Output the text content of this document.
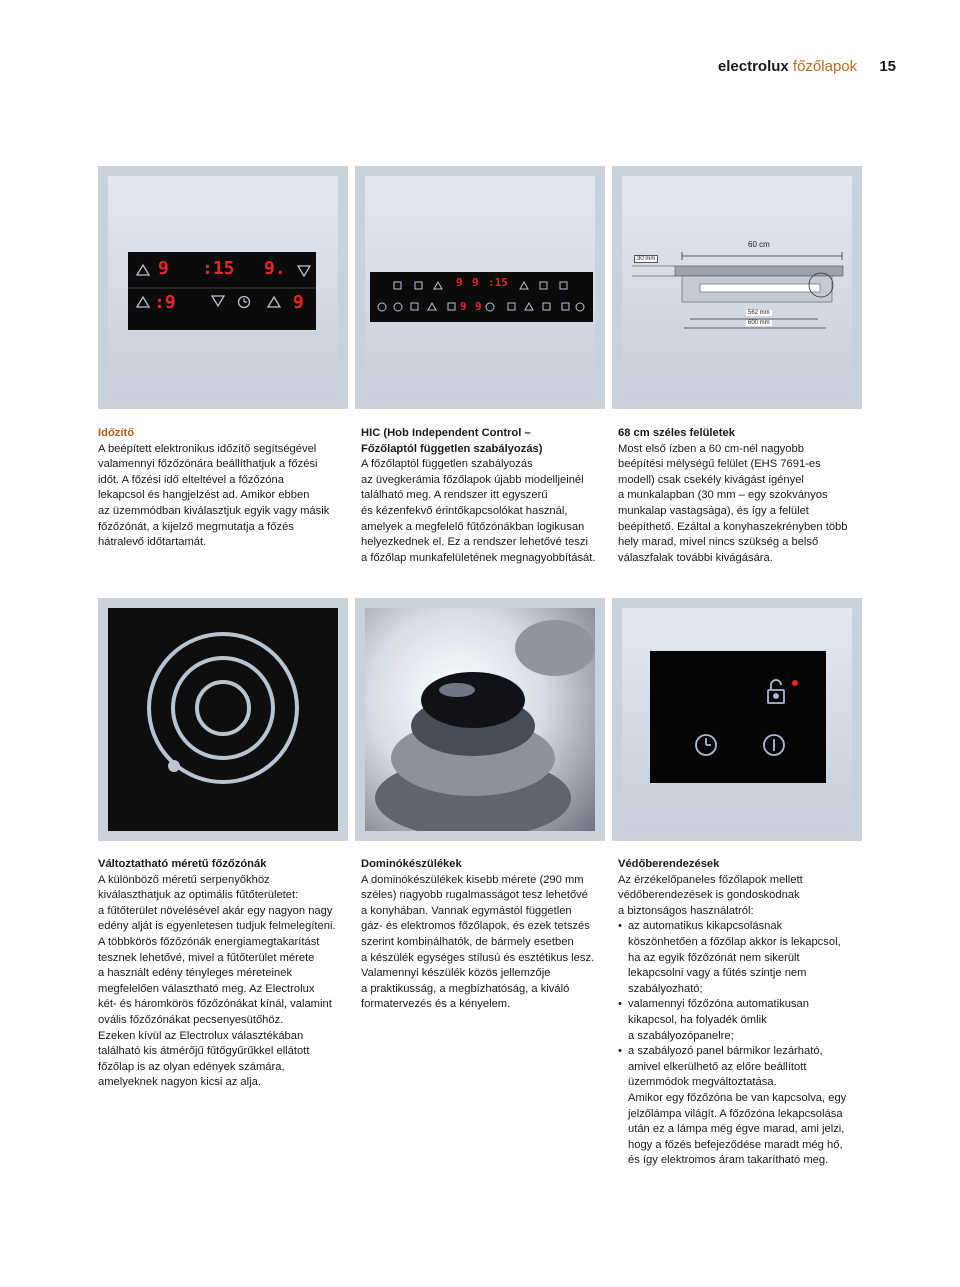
electrolux főzőlapok 15
9 :15 9.
:9	9
9 9 :15
9 9
60 cm
30 mm
562 mm
600 mm

Időzítő

A beépített elektronikus időzítő segítségével

valamennyi főzőzónára beállíthatjuk a főzési

időt. A főzési idő elteltével a főzőzóna

lekapcsol és hangjelzést ad. Amikor ebben

az üzemmódban kiválasztjuk egyik vagy másik

főzőzónát, a kijelző megmutatja a főzés

hátralevő időtartamát.

HIC (Hob Independent Control –

Főzőlaptól független szabályozás)

A főzőlaptól független szabályozás

az üvegkerámia főzőlapok újabb modelljeinél

található meg. A rendszer itt egyszerű

és kézenfekvő érintőkapcsolókat használ,

amelyek a megfelelő fűtőzónákban logikusan

helyezkednek el. Ez a rendszer lehetővé teszi

a főzőlap munkafelületének megnagyobbítását.

68 cm széles felületek

Most első ízben a 60 cm-nél nagyobb

beépítési mélységű felület (EHS 7691-es

modell) csak csekély kivágást igényel

a munkalapban (30 mm – egy szokványos

munkalap vastagsága), és így a felület

beépíthető. Ezáltal a konyhaszekrényben több

hely marad, mivel nincs szükség a belső

válaszfalak további kivágására.

Változtatható méretű főzőzónák

A különböző méretű serpenyőkhöz

kiválaszthatjuk az optimális fűtőterületet:

a fűtőterület növelésével akár egy nagyon nagy

edény alját is egyenletesen tudjuk felmelegíteni.

A többkörös főzőzónák energiamegtakarítást

tesznek lehetővé, mivel a fűtőterület mérete

a használt edény tényleges méreteinek

megfelelően választható meg. Az Electrolux

két- és háromkörös főzőzónákat kínál, valamint

ovális főzőzónákat pecsenyesütőhöz.

Ezeken kívül az Electrolux választékában

található kis átmérőjű fűtőgyűrűkkel ellátott

főzőlap is az olyan edények számára,

amelyeknek nagyon kicsi az alja.

Dominókészülékek

A dominókészülékek kisebb mérete (290 mm

széles) nagyobb rugalmasságot tesz lehetővé

a konyhában. Vannak egymástól független

gáz- és elektromos főzőlapok, és ezek tetszés

szerint kombinálhatók, de bármely esetben

a készülék egységes stílusú és esztétikus lesz.

Valamennyi készülék közös jellemzője

a praktikusság, a megbízhatóság, a kiváló

formatervezés és a kényelem.

Védőberendezések

Az érzékelőpaneles főzőlapok mellett

védőberendezések is gondoskodnak

a biztonságos használatról:

• az automatikus kikapcsolásnak

köszönhetően a főzőlap akkor is lekapcsol,

ha az egyik főzőzónát nem sikerült

lekapcsolni vagy a fűtés szintje nem

szabályozható;

• valamennyi főzőzóna automatikusan

kikapcsol, ha folyadék ömlik

a szabályozópanelre;

• a szabályozó panel bármikor lezárható,

amivel elkerülhető az előre beállított

üzemmódok megváltoztatása.

Amikor egy főzőzóna be van kapcsolva, egy

jelzőlámpa világít. A főzőzóna lekapcsolása

után ez a lámpa még égve marad, ami jelzi,

hogy a főzés befejeződése maradt még hő,

és így elektromos áram takarítható meg.
